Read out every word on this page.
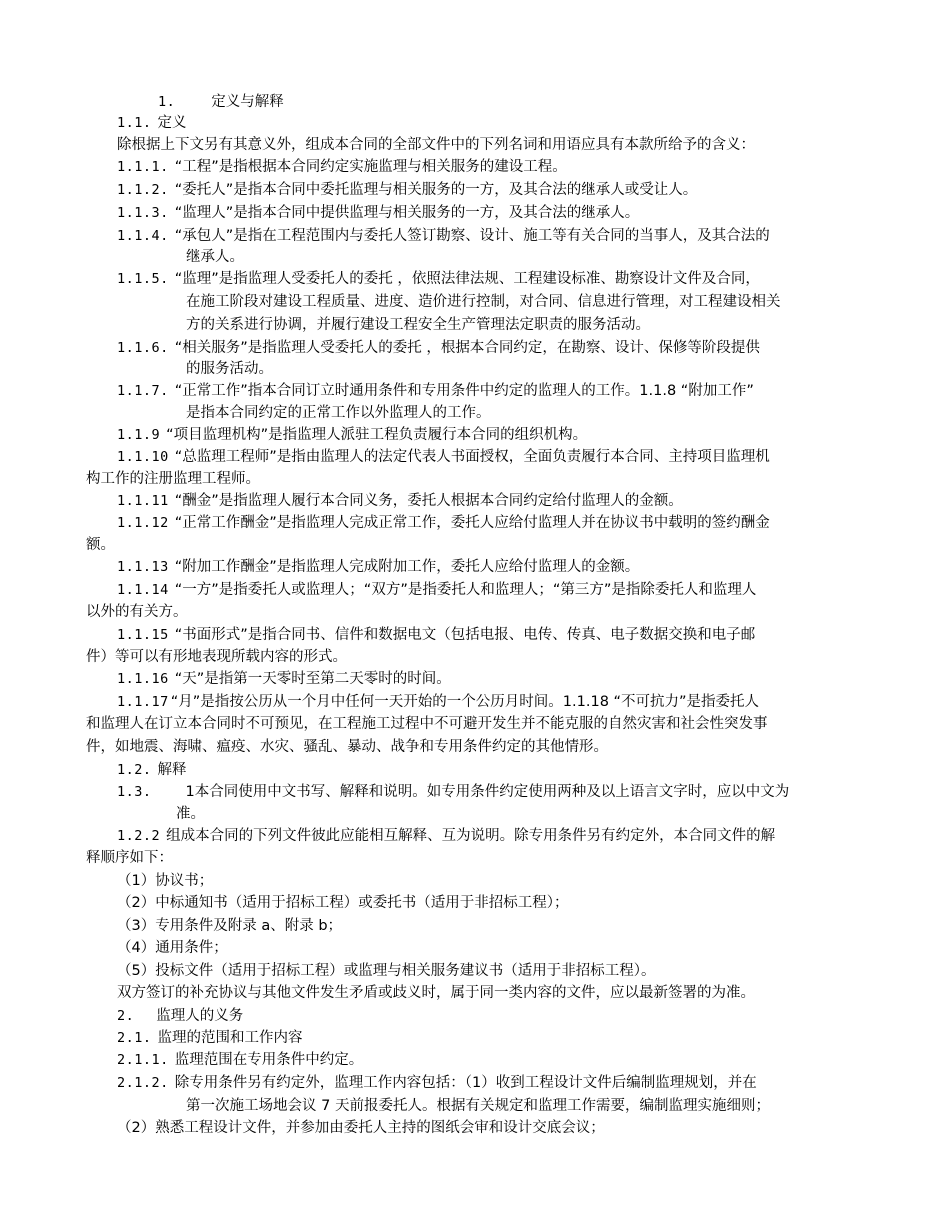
1.　定义与解释
1.1. 定义
除根据上下文另有其意义外，组成本合同的全部文件中的下列名词和用语应具有本款所给予的含义：
1.1.1. “工程”是指根据本合同约定实施监理与相关服务的建设工程。
1.1.2. “委托人”是指本合同中委托监理与相关服务的一方，及其合法的继承人或受让人。
1.1.3. “监理人”是指本合同中提供监理与相关服务的一方，及其合法的继承人。
1.1.4. “承包人”是指在工程范围内与委托人签订勘察、设计、施工等有关合同的当事人，及其合法的
继承人。
1.1.5. “监理”是指监理人受委托人的委托 ，依照法律法规、工程建设标准、勘察设计文件及合同，
在施工阶段对建设工程质量、进度、造价进行控制，对合同、信息进行管理，对工程建设相关
方的关系进行协调，并履行建设工程安全生产管理法定职责的服务活动。
1.1.6. “相关服务”是指监理人受委托人的委托 ，根据本合同约定，在勘察、设计、保修等阶段提供
的服务活动。
1.1.7. “正常工作”指本合同订立时通用条件和专用条件中约定的监理人的工作。1.1.8 “附加工作”
是指本合同约定的正常工作以外监理人的工作。
1.1.9 “项目监理机构”是指监理人派驻工程负责履行本合同的组织机构。
1.1.10 “总监理工程师”是指由监理人的法定代表人书面授权，全面负责履行本合同、主持项目监理机
构工作的注册监理工程师。
1.1.11 “酬金”是指监理人履行本合同义务，委托人根据本合同约定给付监理人的金额。
1.1.12 “正常工作酬金”是指监理人完成正常工作，委托人应给付监理人并在协议书中载明的签约酬金
额。
1.1.13 “附加工作酬金”是指监理人完成附加工作，委托人应给付监理人的金额。
1.1.14 “一方”是指委托人或监理人；“双方”是指委托人和监理人；“第三方”是指除委托人和监理人
以外的有关方。
1.1.15 “书面形式”是指合同书、信件和数据电文（包括电报、电传、传真、电子数据交换和电子邮
件）等可以有形地表现所载内容的形式。
1.1.16 “天”是指第一天零时至第二天零时的时间。
1.1.17 “月”是指按公历从一个月中任何一天开始的一个公历月时间。1.1.18 “不可抗力”是指委托人
和监理人在订立本合同时不可预见，在工程施工过程中不可避开发生并不能克服的自然灾害和社会性突发事
件，如地震、海啸、瘟疫、水灾、骚乱、暴动、战争和专用条件约定的其他情形。
1.2. 解释
1.3. 1本合同使用中文书写、解释和说明。如专用条件约定使用两种及以上语言文字时，应以中文为
准。
1.2.2 组成本合同的下列文件彼此应能相互解释、互为说明。除专用条件另有约定外，本合同文件的解
释顺序如下：
（1）协议书；
（2）中标通知书（适用于招标工程）或委托书（适用于非招标工程）；
（3）专用条件及附录 a、附录 b；
（4）通用条件；
（5）投标文件（适用于招标工程）或监理与相关服务建议书（适用于非招标工程）。
双方签订的补充协议与其他文件发生矛盾或歧义时，属于同一类内容的文件，应以最新签署的为准。
2. 监理人的义务
2.1. 监理的范围和工作内容
2.1.1. 监理范围在专用条件中约定。
2.1.2. 除专用条件另有约定外，监理工作内容包括：（1）收到工程设计文件后编制监理规划，并在
第一次施工场地会议 7 天前报委托人。根据有关规定和监理工作需要，编制监理实施细则；
（2）熟悉工程设计文件，并参加由委托人主持的图纸会审和设计交底会议；
